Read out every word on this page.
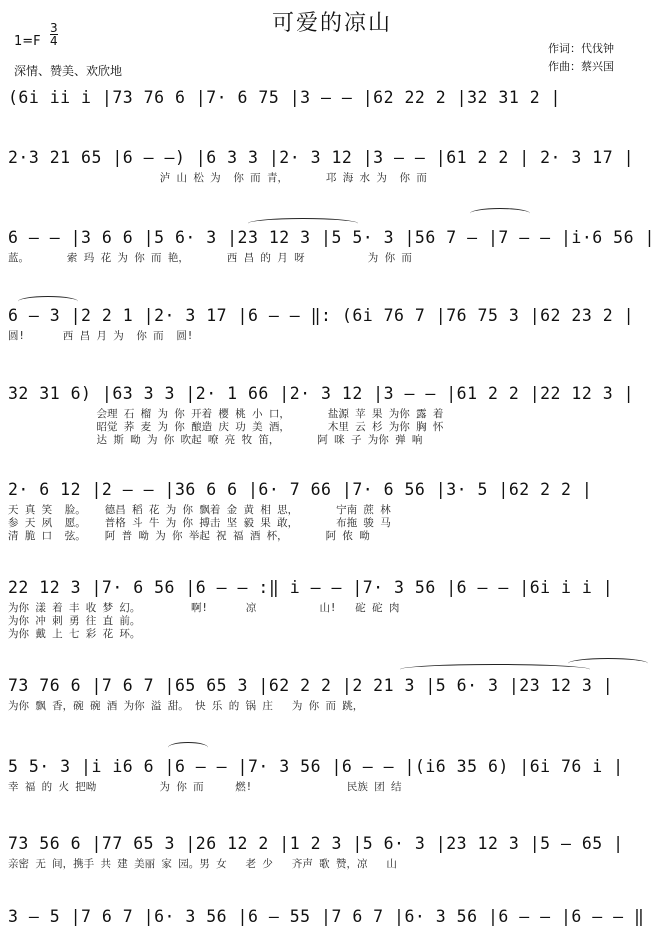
可爱的凉山
1=F
3
4
深情、赞美、欢欣地
作词：代伐钟
作曲：蔡兴国
(6i ii i |73 76 6 |7· 6 75 |3 — — |62 22 2 |32 31 2 |
2·3 21 65 |6 — —) |6 3 3 |2· 3 12 |3 — — |61 2 2 | 2· 3 17 |
泸 山 松 为  你 而 青，      邛 海 水 为  你 而
6 — — |3 6 6 |5 6· 3 |23 12 3 |5 5· 3 |56 7 — |7 — — |i·6 56 |
蓝。      索 玛 花 为 你 而 艳，      西 昌 的 月 呀          为 你 而
6 — 3 |2 2 1 |2· 3 17 |6 — — ‖: (6i 76 7 |76 75 3 |62 23 2 |
圆!      西 昌 月 为  你 而  圆!
32 31 6) |63 3 3 |2· 1 66 |2· 3 12 |3 — — |61 2 2 |22 12 3 |
会理 石 榴 为 你 开着 樱 桃 小 口，      盐源 苹 果 为你 露 着
昭觉 荞 麦 为 你 酿造 庆 功 美 酒，      木里 云 杉 为你 胸 怀
达 斯 呦 为 你 吹起 嘹 亮 牧 笛，      阿 咪 子 为你 弹 响
2· 6 12 |2 — — |36 6 6 |6· 7 66 |7· 6 56 |3· 5 |62 2 2 |
天 真 笑  脸。   德昌 稻 花 为 你 飘着 金 黄 相 思，      宁南 蔗 林
参 天 夙  愿。   普格 斗 牛 为 你 搏击 坚 毅 果 敢，      布拖 骏 马
清 脆 口  弦。   阿 普 呦 为 你 举起 祝 福 酒 杯，      阿 侬 呦
22 12 3 |7· 6 56 |6 — — :‖ i — — |7· 3 56 |6 — — |6i i i |
为你 漾 着 丰 收 梦 幻。        啊!      凉          山!   砣 砣 肉
为你 冲 刺 勇 往 直 前。
为你 戴 上 七 彩 花 环。
73 76 6 |7 6 7 |65 65 3 |62 2 2 |2 21 3 |5 6· 3 |23 12 3 |
为你 飘 香，碗 碗 酒 为你 溢 甜。 快 乐 的 锅 庄   为 你 而 跳，
5 5· 3 |i i6 6 |6 — — |7· 3 56 |6 — — |(i6 35 6) |6i 76 i |
幸 福 的 火 把呦          为 你 而     燃!               民族 团 结
73 56 6 |77 65 3 |26 12 2 |1 2 3 |5 6· 3 |23 12 3 |5 — 65 |
亲密 无 间，携手 共 建 美丽 家 园。男 女   老 少   齐声 歌 赞，凉   山
3 — 5 |7 6 7 |6· 3 56 |6 — 55 |7 6 7 |6· 3 56 |6 — — |6 — — ‖
